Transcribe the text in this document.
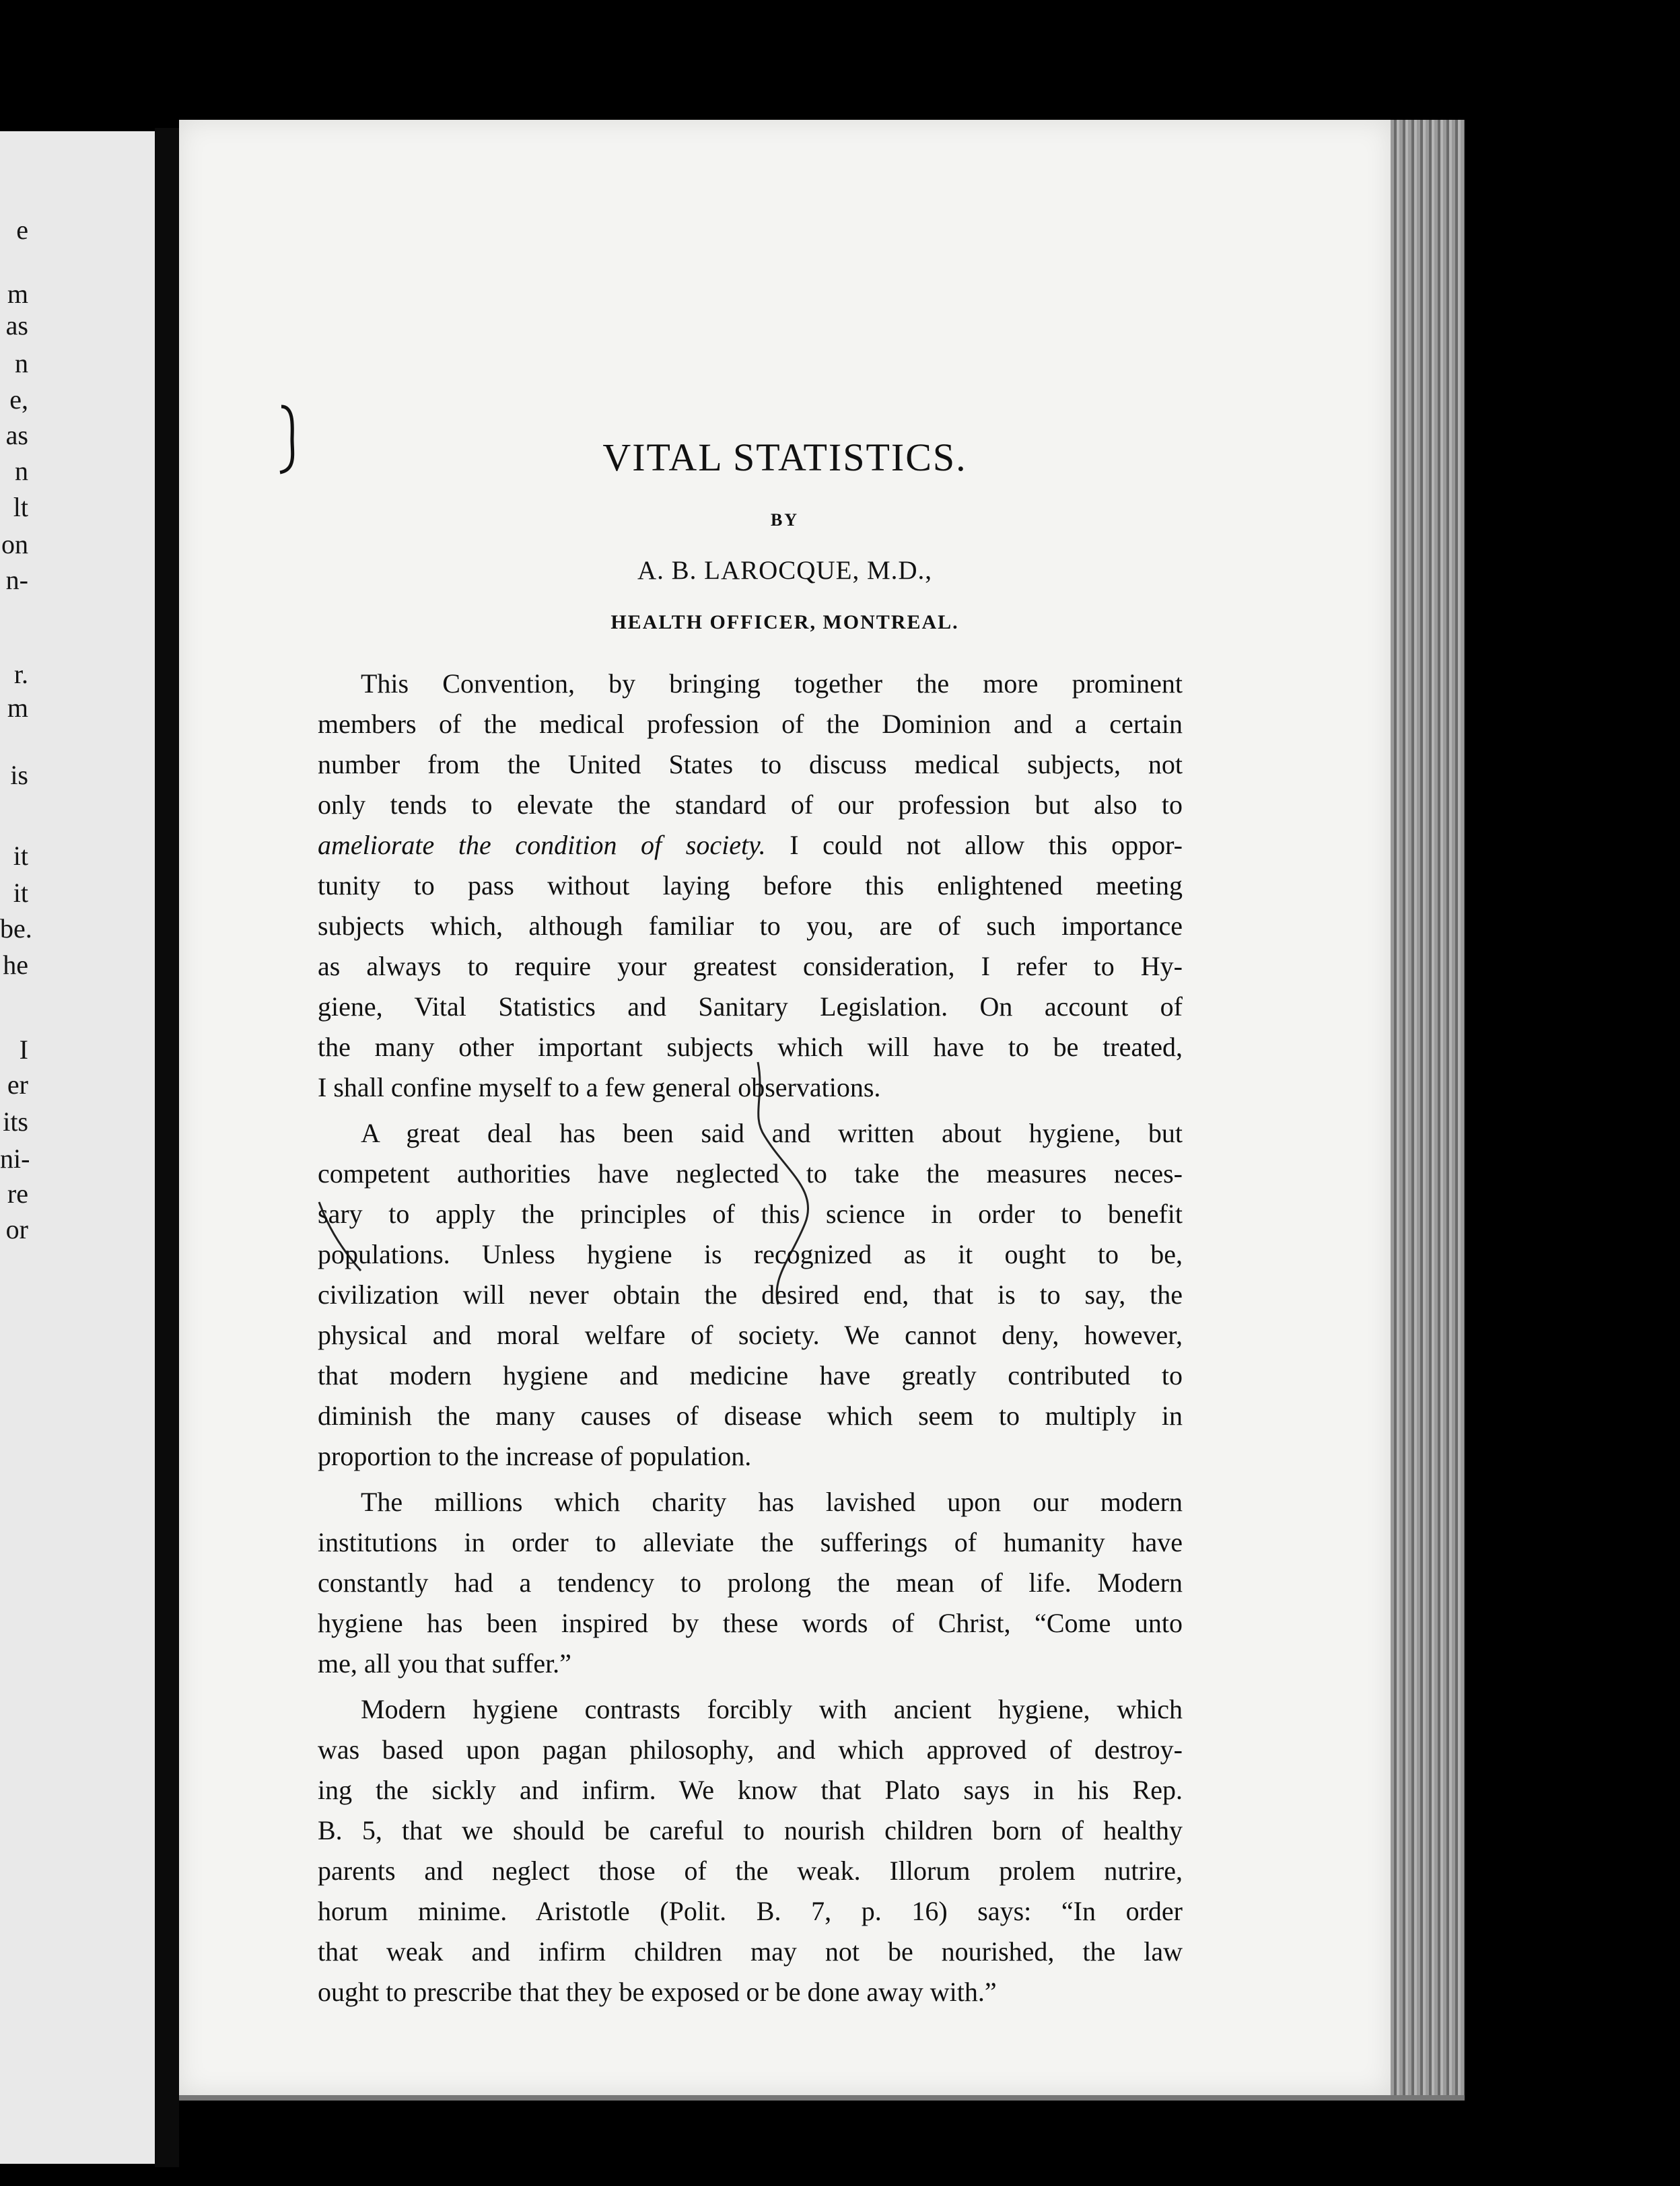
e
m
as
n
e,
as
n
lt
on
n-
r.
m
is
it
it
be.
he
I
er
its
ni-
re
or
VITAL STATISTICS.
BY
A. B. LAROCQUE, M.D.,
HEALTH OFFICER, MONTREAL.
This Convention, by bringing together the more prominent
members of the medical profession of the Dominion and a certain
number from the United States to discuss medical subjects, not
only tends to elevate the standard of our profession but also to
ameliorate the condition of society. I could not allow this oppor-
tunity to pass without laying before this enlightened meeting
subjects which, although familiar to you, are of such importance
as always to require your greatest consideration, I refer to Hy-
giene, Vital Statistics and Sanitary Legislation. On account of
the many other important subjects which will have to be treated,
I shall confine myself to a few general observations.
A great deal has been said and written about hygiene, but
competent authorities have neglected to take the measures neces-
sary to apply the principles of this science in order to benefit
populations. Unless hygiene is recognized as it ought to be,
civilization will never obtain the desired end, that is to say, the
physical and moral welfare of society. We cannot deny, however,
that modern hygiene and medicine have greatly contributed to
diminish the many causes of disease which seem to multiply in
proportion to the increase of population.
The millions which charity has lavished upon our modern
institutions in order to alleviate the sufferings of humanity have
constantly had a tendency to prolong the mean of life. Modern
hygiene has been inspired by these words of Christ, “Come unto
me, all you that suffer.”
Modern hygiene contrasts forcibly with ancient hygiene, which
was based upon pagan philosophy, and which approved of destroy-
ing the sickly and infirm. We know that Plato says in his Rep.
B. 5, that we should be careful to nourish children born of healthy
parents and neglect those of the weak. Illorum prolem nutrire,
horum minime. Aristotle (Polit. B. 7, p. 16) says: “In order
that weak and infirm children may not be nourished, the law
ought to prescribe that they be exposed or be done away with.”
